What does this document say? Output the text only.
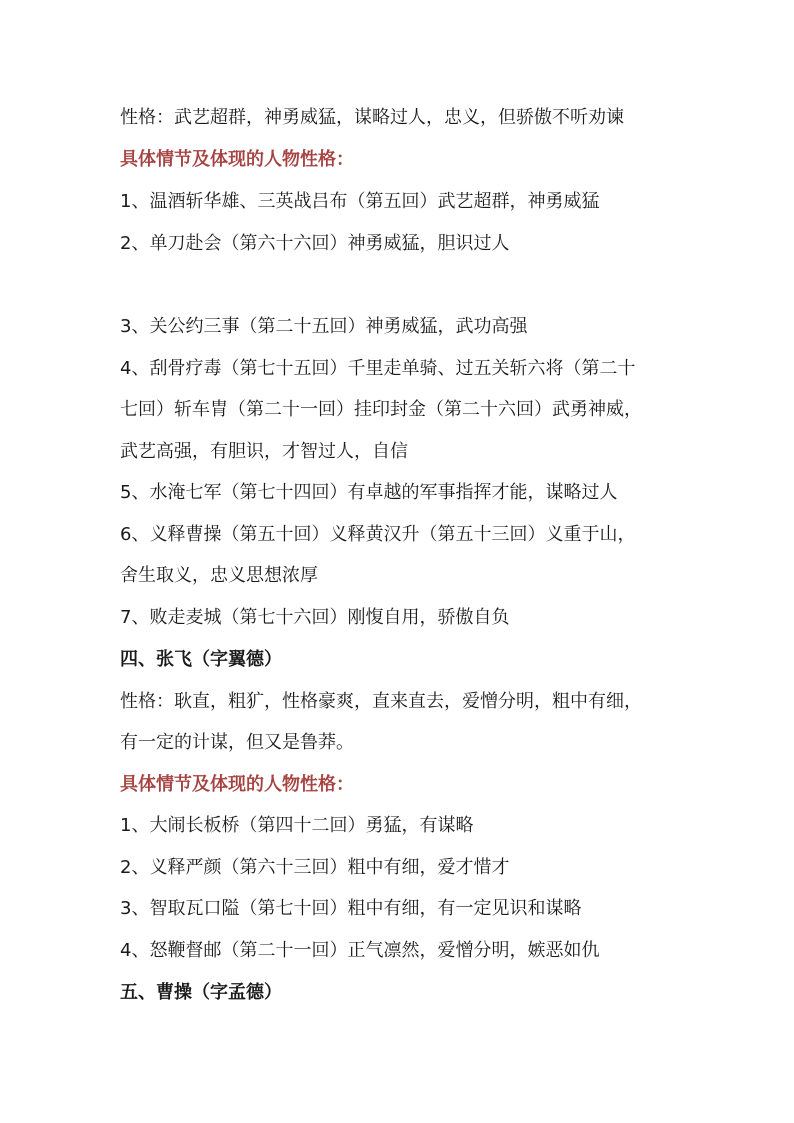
性格：武艺超群，神勇威猛，谋略过人，忠义，但骄傲不听劝谏
具体情节及体现的人物性格：
1、温酒斩华雄、三英战吕布（第五回）武艺超群，神勇威猛
2、单刀赴会（第六十六回）神勇威猛，胆识过人
3、关公约三事（第二十五回）神勇威猛，武功高强
4、刮骨疗毒（第七十五回）千里走单骑、过五关斩六将（第二十
七回）斩车胄（第二十一回）挂印封金（第二十六回）武勇神威，
武艺高强，有胆识，才智过人，自信
5、水淹七军（第七十四回）有卓越的军事指挥才能，谋略过人
6、义释曹操（第五十回）义释黄汉升（第五十三回）义重于山，
舍生取义，忠义思想浓厚
7、败走麦城（第七十六回）刚愎自用，骄傲自负
四、张飞（字翼德）
性格：耿直，粗犷，性格豪爽，直来直去，爱憎分明，粗中有细，
有一定的计谋，但又是鲁莽。
具体情节及体现的人物性格：
1、大闹长板桥（第四十二回）勇猛，有谋略
2、义释严颜（第六十三回）粗中有细，爱才惜才
3、智取瓦口隘（第七十回）粗中有细，有一定见识和谋略
4、怒鞭督邮（第二十一回）正气凛然，爱憎分明，嫉恶如仇
五、曹操（字孟德）
